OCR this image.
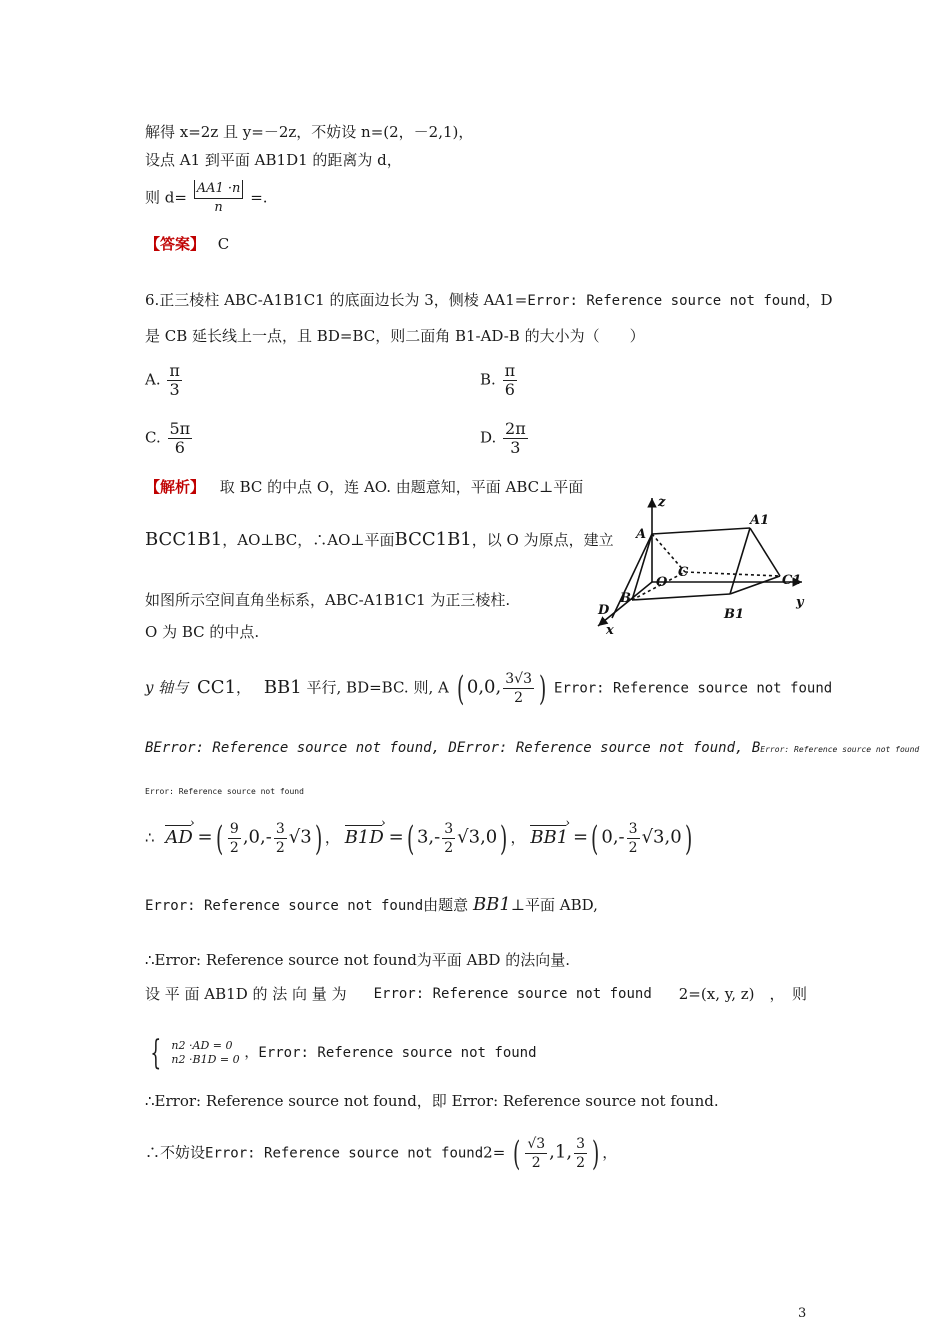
解得 x=2z 且 y=－2z，不妨设 n=(2，－2,1)，
设点 A1 到平面 AB1D1 的距离为 d，
则 $d= \frac{AA1 \cdot n}{n}$ =.
【答案】 C
6.正三棱柱 ABC-A1B1C1 的底面边长为 3，侧棱 AA1=Error: Reference source not found，D
是 CB 延长线上一点，且 BD=BC，则二面角 B1-AD-B 的大小为（　　）
A. $\frac{\pi}{3}$	B. $\frac{\pi}{6}$
C. $\frac{5\pi}{6}$	D. $\frac{2\pi}{3}$
【解析】 取 BC 的中点 O，连 AO. 由题意知，平面 ABC⊥平面
BCC1B1，AO⊥BC，∴AO⊥平面BCC1B1，以 O 为原点，建立
如图所示空间直角坐标系，ABC-A1B1C1 为正三棱柱.
O 为 BC 的中点.
z
y
x
A
A1
B
B1
C
C1
O
D
y 轴与 CC1， BB1 平行, BD=BC. 则, A ( 0,0, $\frac{3√3}{2}$ ) Error: Reference source not found
BError: Reference source not found, DError: Reference source not found, BError: Reference source not found
Error: Reference source not found
∴ AD › =( $\frac{9}{2} ,0,- \frac{3}{2} √3$) ， B1D › =( $3,- \frac{3}{2} √3,0$) ， BB1 › =( $0,- \frac{3}{2} √3,0$)
Error: Reference source not found由题意 BB1⊥平面 ABD,
∴Error: Reference source not found为平面 ABD 的法向量.
设 平 面 AB1D 的 法 向 量 为 Error: Reference source not found 2=(x, y, z)　，　则
{ n2 ·AD = 0
n2 ·B1D = 0 ，Error: Reference source not found
∴Error: Reference source not found，即 Error: Reference source not found.
∴不妨设Error: Reference source not found2= ( $\frac{√3}{2} ,1$, $\frac{3}{2}$ ) ，
3
